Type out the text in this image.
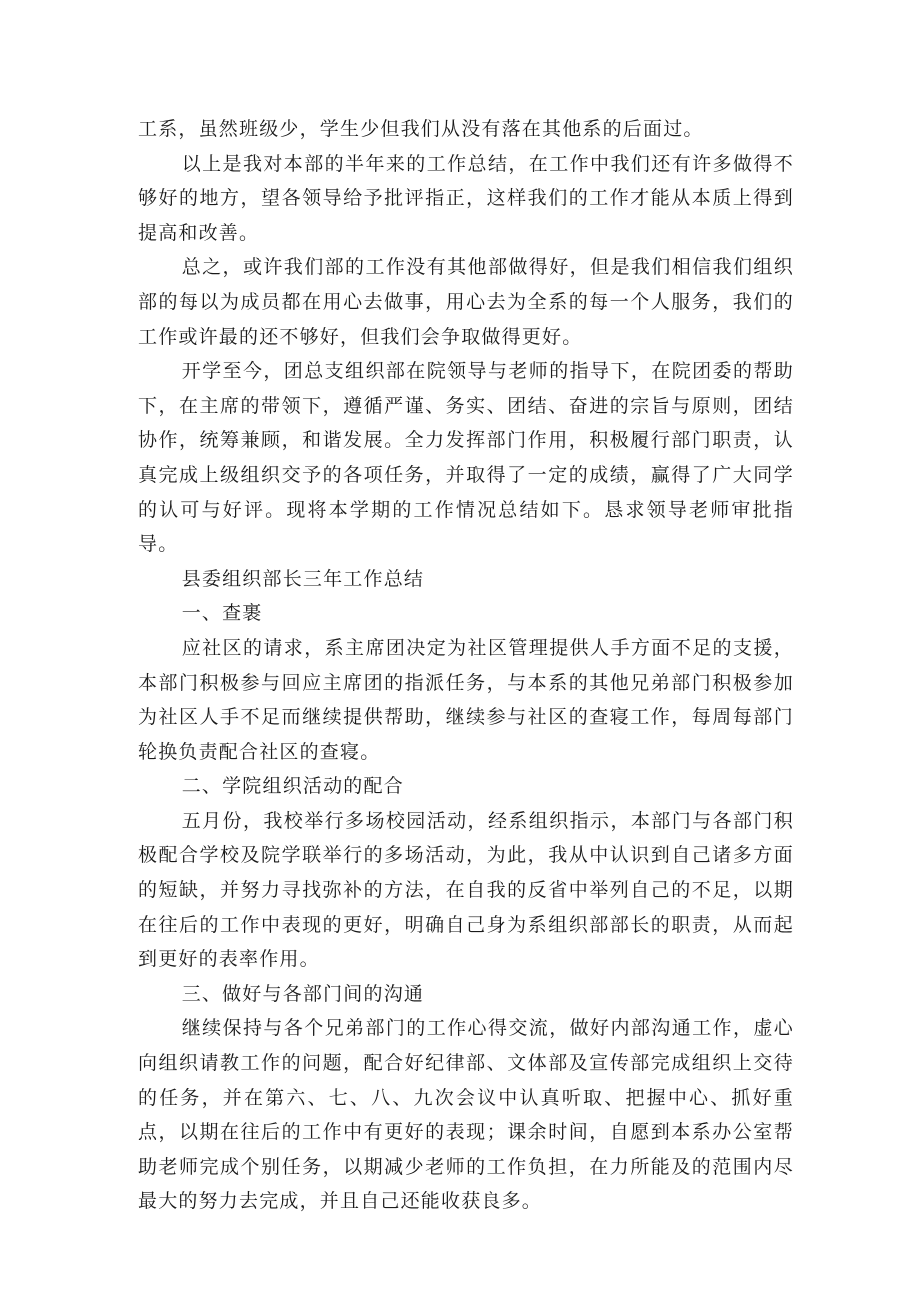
工系，虽然班级少，学生少但我们从没有落在其他系的后面过。

以上是我对本部的半年来的工作总结，在工作中我们还有许多做得不够好的地方，望各领导给予批评指正，这样我们的工作才能从本质上得到提高和改善。

总之，或许我们部的工作没有其他部做得好，但是我们相信我们组织部的每以为成员都在用心去做事，用心去为全系的每一个人服务，我们的工作或许最的还不够好，但我们会争取做得更好。

开学至今，团总支组织部在院领导与老师的指导下，在院团委的帮助下，在主席的带领下，遵循严谨、务实、团结、奋进的宗旨与原则，团结协作，统筹兼顾，和谐发展。全力发挥部门作用，积极履行部门职责，认真完成上级组织交予的各项任务，并取得了一定的成绩，赢得了广大同学的认可与好评。现将本学期的工作情况总结如下。恳求领导老师审批指导。

县委组织部长三年工作总结

一、查裹

应社区的请求，系主席团决定为社区管理提供人手方面不足的支援，本部门积极参与回应主席团的指派任务，与本系的其他兄弟部门积极参加为社区人手不足而继续提供帮助，继续参与社区的查寝工作，每周每部门轮换负责配合社区的查寝。

二、学院组织活动的配合

五月份，我校举行多场校园活动，经系组织指示，本部门与各部门积极配合学校及院学联举行的多场活动，为此，我从中认识到自己诸多方面的短缺，并努力寻找弥补的方法，在自我的反省中举列自己的不足，以期在往后的工作中表现的更好，明确自己身为系组织部部长的职责，从而起到更好的表率作用。

三、做好与各部门间的沟通

继续保持与各个兄弟部门的工作心得交流，做好内部沟通工作，虚心向组织请教工作的问题，配合好纪律部、文体部及宣传部完成组织上交待的任务，并在第六、七、八、九次会议中认真听取、把握中心、抓好重点，以期在往后的工作中有更好的表现；课余时间，自愿到本系办公室帮助老师完成个别任务，以期减少老师的工作负担，在力所能及的范围内尽最大的努力去完成，并且自己还能收获良多。
